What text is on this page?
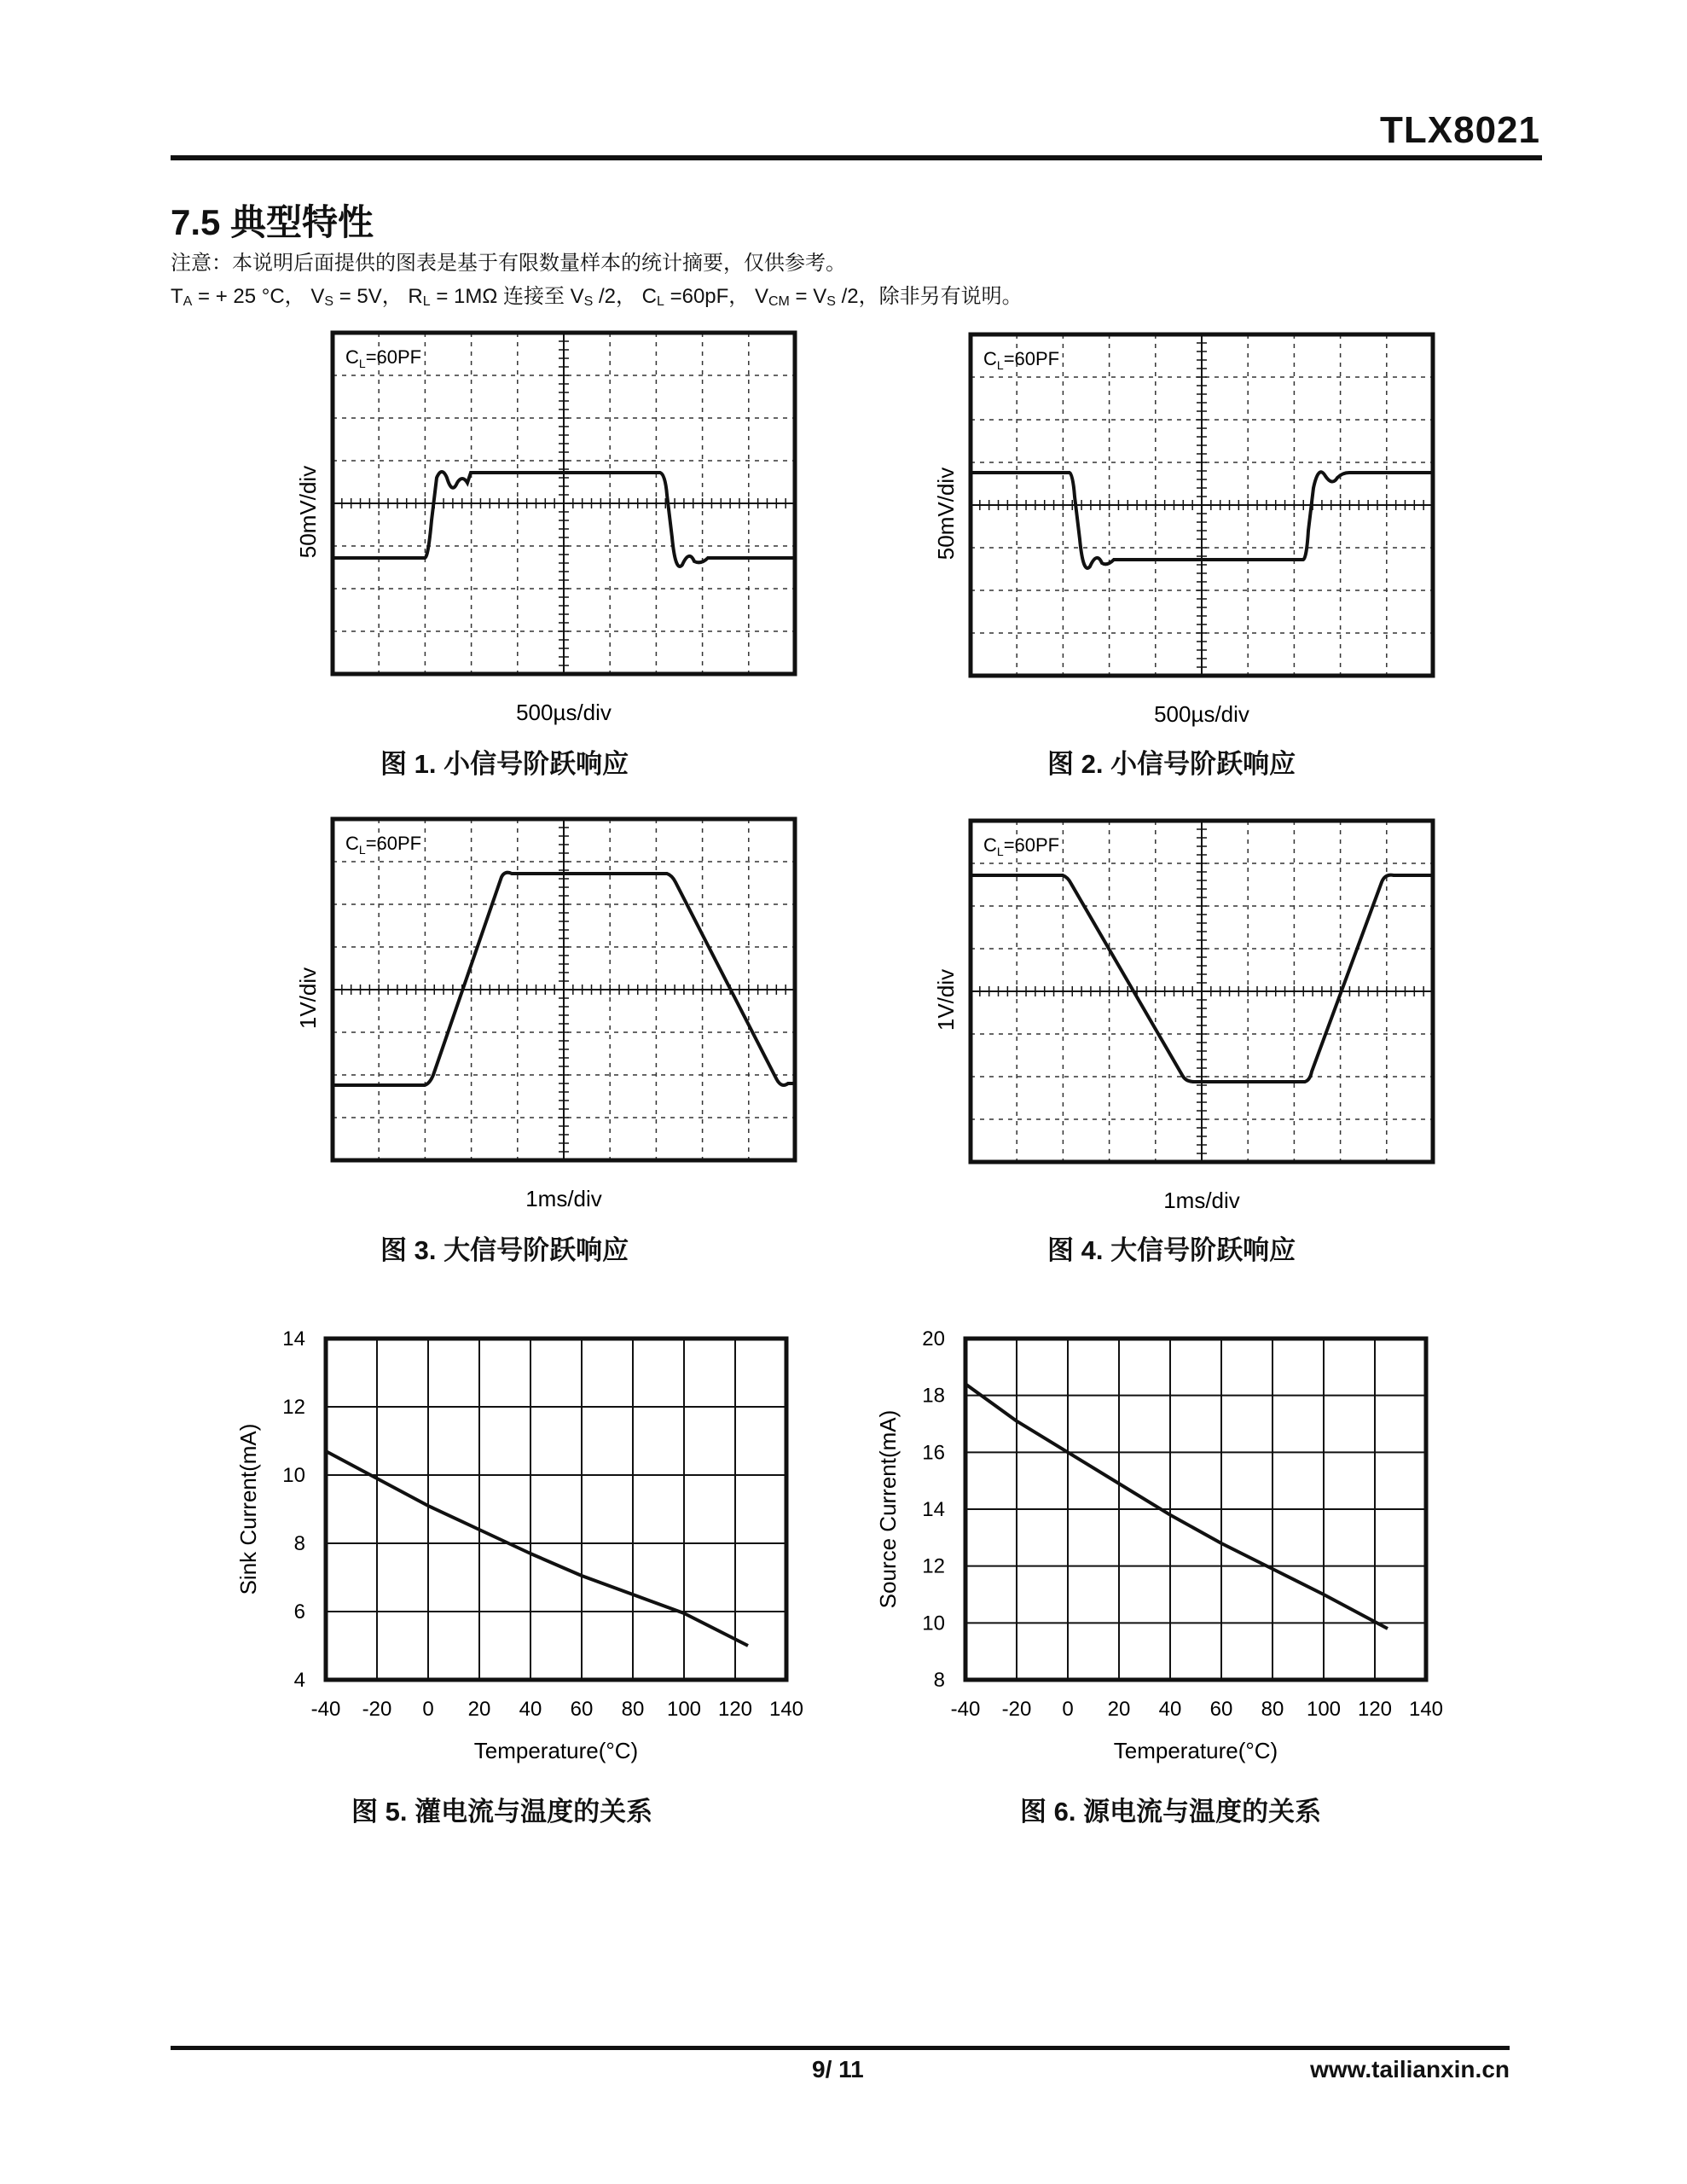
TLX8021
7.5 典型特性
注意：本说明后面提供的图表是基于有限数量样本的统计摘要，仅供参考。
$T_A$ = + 25 °C， $V_S = 5V$， $R_L = 1M\Omega$ 连接至 $V_S$ /2， $C_L =60pF$， $V_{CM} = V_S$ /2，除非另有说明。
$C_L=60PF$
50mV/div
500µs/div
图 1. 小信号阶跃响应
$C_L=60PF$
50mV/div
500µs/div
图 2. 小信号阶跃响应
$C_L=60PF$
1V/div
1ms/div
图 3. 大信号阶跃响应
$C_L=60PF$
1V/div
1ms/div
图 4. 大信号阶跃响应
-40 -20 0 20 40 60 80 100 120 140
4
6
8
10
12
14
Temperature(°C)
Sink Current(mA)
图 5. 灌电流与温度的关系
-40 -20 0 20 40 60 80 100 120 140
8
10
12
14
16
18
20
Temperature(°C)
Source Current(mA)
图 6. 源电流与温度的关系
9/ 11	www.tailianxin.cn
